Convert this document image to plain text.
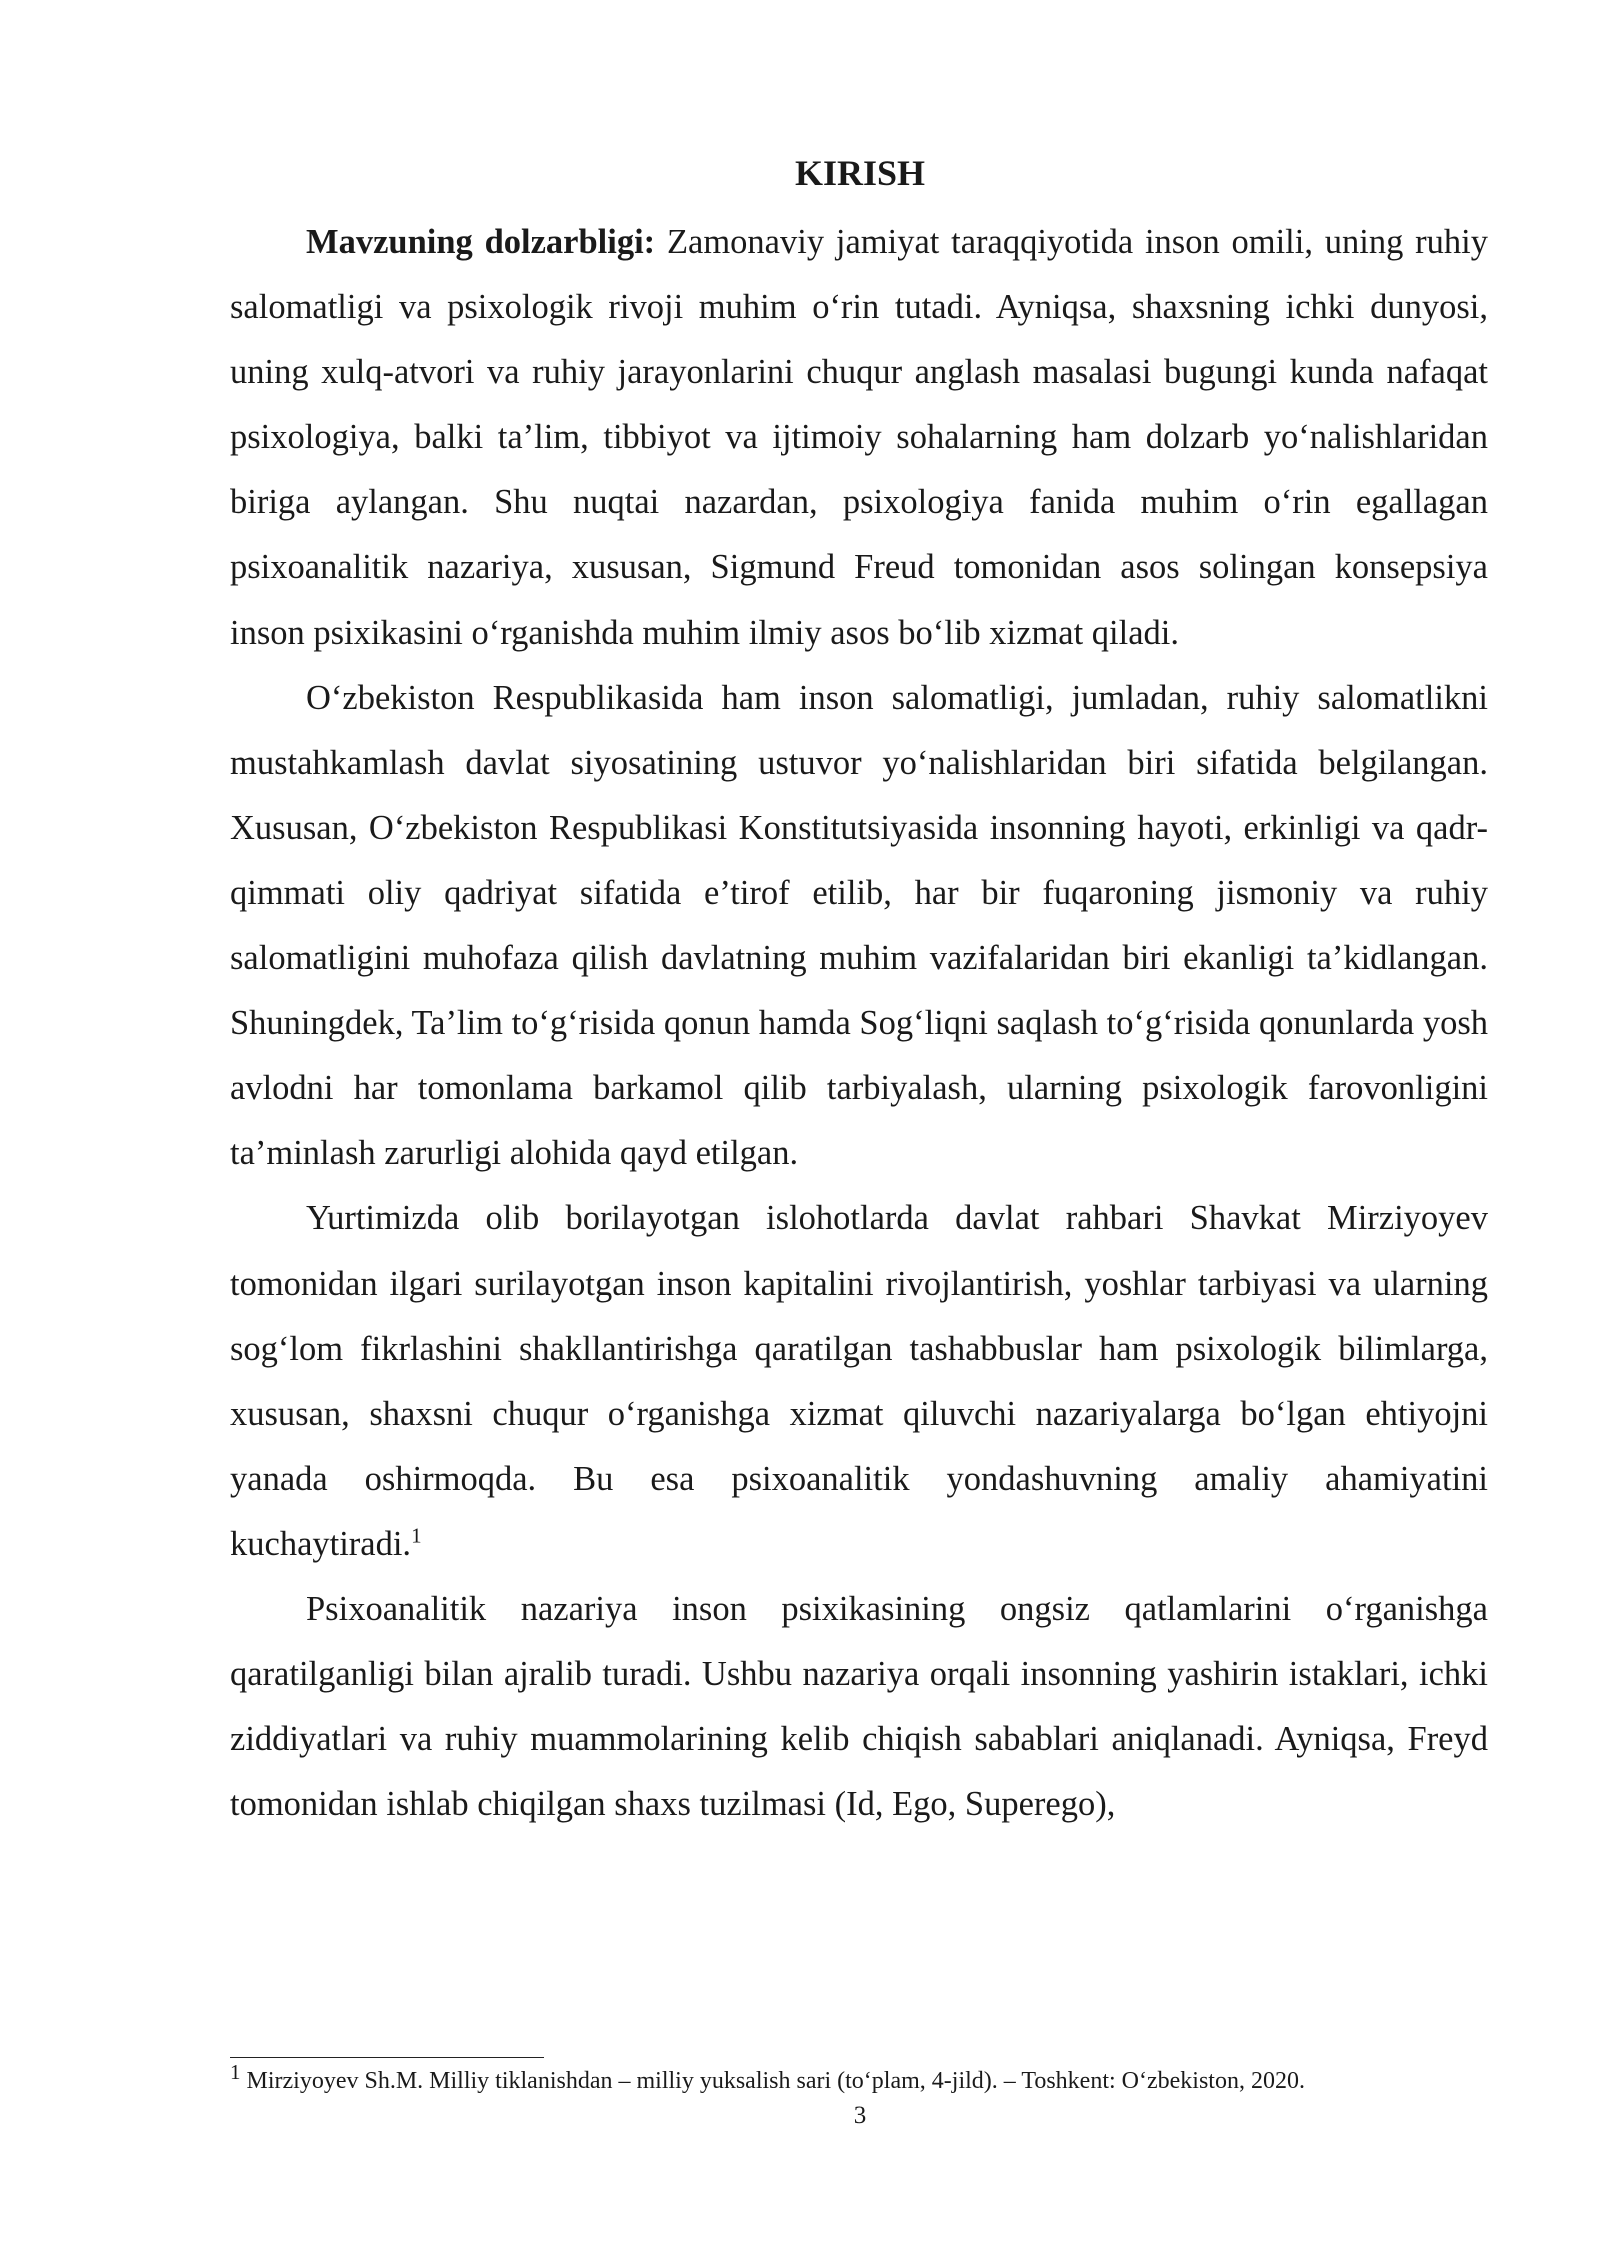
KIRISH

Mavzuning dolzarbligi: Zamonaviy jamiyat taraqqiyotida inson omili, uning ruhiy salomatligi va psixologik rivoji muhim o‘rin tutadi. Ayniqsa, shaxsning ichki dunyosi, uning xulq-atvori va ruhiy jarayonlarini chuqur anglash masalasi bugungi kunda nafaqat psixologiya, balki ta’lim, tibbiyot va ijtimoiy sohalarning ham dolzarb yo‘nalishlaridan biriga aylangan. Shu nuqtai nazardan, psixologiya fanida muhim o‘rin egallagan psixoanalitik nazariya, xususan, Sigmund Freud tomonidan asos solingan konsepsiya inson psixikasini o‘rganishda muhim ilmiy asos bo‘lib xizmat qiladi.

O‘zbekiston Respublikasida ham inson salomatligi, jumladan, ruhiy salomatlikni mustahkamlash davlat siyosatining ustuvor yo‘nalishlaridan biri sifatida belgilangan. Xususan, O‘zbekiston Respublikasi Konstitutsiyasida insonning hayoti, erkinligi va qadr-qimmati oliy qadriyat sifatida e’tirof etilib, har bir fuqaroning jismoniy va ruhiy salomatligini muhofaza qilish davlatning muhim vazifalaridan biri ekanligi ta’kidlangan. Shuningdek, Ta’lim to‘g‘risida qonun hamda Sog‘liqni saqlash to‘g‘risida qonunlarda yosh avlodni har tomonlama barkamol qilib tarbiyalash, ularning psixologik farovonligini ta’minlash zarurligi alohida qayd etilgan.

Yurtimizda olib borilayotgan islohotlarda davlat rahbari Shavkat Mirziyoyev tomonidan ilgari surilayotgan inson kapitalini rivojlantirish, yoshlar tarbiyasi va ularning sog‘lom fikrlashini shakllantirishga qaratilgan tashabbuslar ham psixologik bilimlarga, xususan, shaxsni chuqur o‘rganishga xizmat qiluvchi nazariyalarga bo‘lgan ehtiyojni yanada oshirmoqda. Bu esa psixoanalitik yondashuvning amaliy ahamiyatini kuchaytiradi.$^1$

Psixoanalitik nazariya inson psixikasining ongsiz qatlamlarini o‘rganishga qaratilganligi bilan ajralib turadi. Ushbu nazariya orqali insonning yashirin istaklari, ichki ziddiyatlari va ruhiy muammolarining kelib chiqish sabablari aniqlanadi. Ayniqsa, Freyd tomonidan ishlab chiqilgan shaxs tuzilmasi (Id, Ego, Superego),

$^1$ Mirziyoyev Sh.M. Milliy tiklanishdan – milliy yuksalish sari (to‘plam, 4-jild). – Toshkent: O‘zbekiston, 2020.

3
